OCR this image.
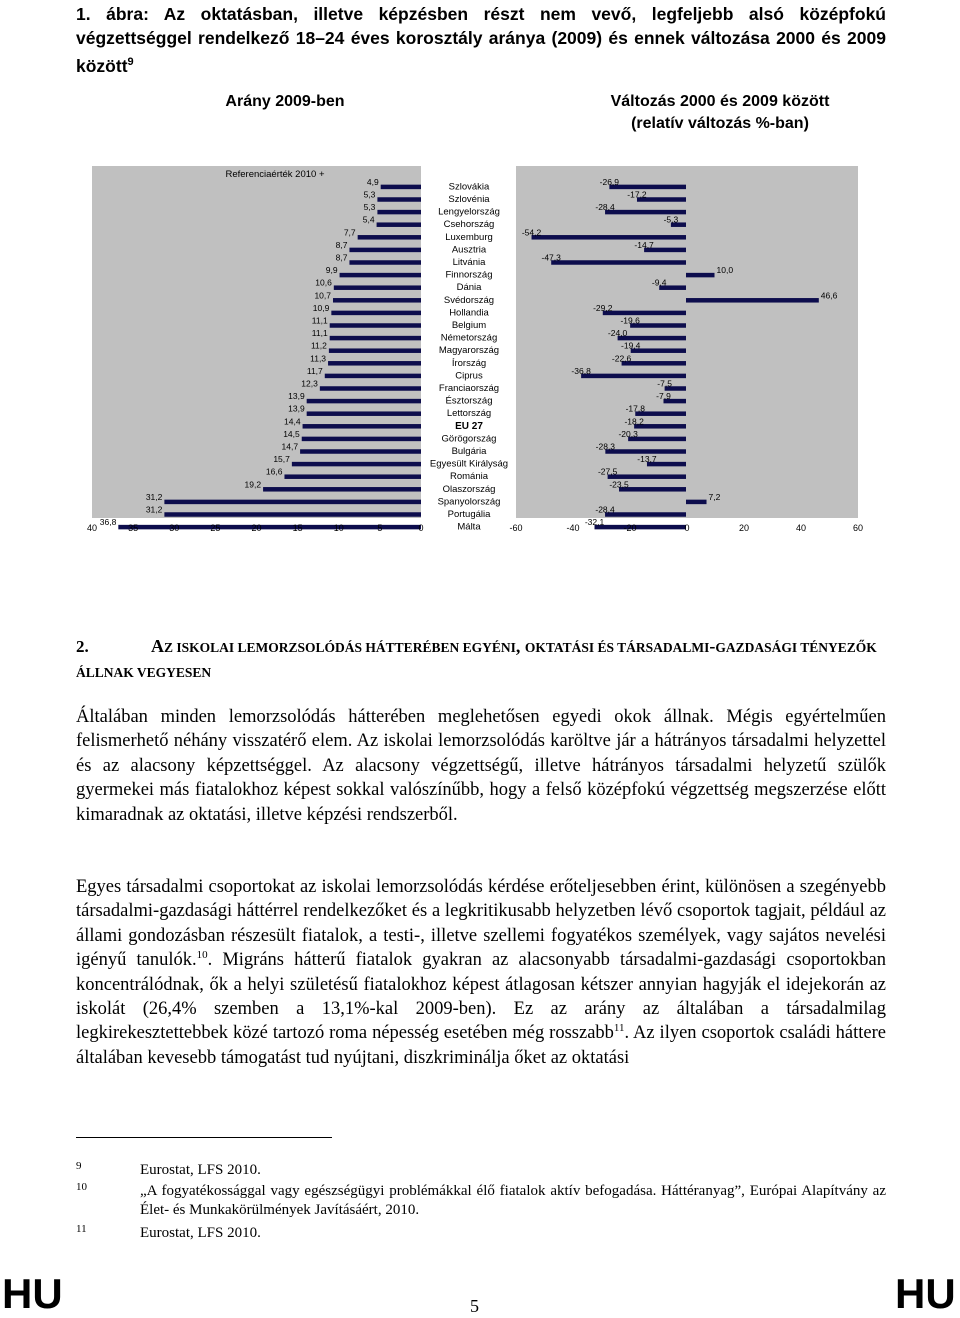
1. ábra: Az oktatásban, illetve képzésben részt nem vevő, legfeljebb alsó középfokú végzettséggel rendelkező 18–24 éves korosztály aránya (2009) és ennek változása 2000 és 2009 között$^9$
Arány 2009-ben	Változás 2000 és 2009 között
(relatív változás %-ban)
Referenciaérték 2010 +
4,9
5,3
5,3
5,4
7,7
8,7
8,7
9,9
10,6
10,7
10,9
11,1
11,1
11,2
11,3
11,7
12,3
13,9
13,9
14,4
14,5
14,7
15,7
16,6
19,2
31,2
31,2
36,8
-26,9
-17,2
-28,4
-5,3
-54,2
-14,7
-47,3
10,0
-9,4
46,6
-29,2
-19,6
-24,0
-19,4
-22,6
-36,8
-7,5
-7,9
-17,8
-18,2
-20,3
-28,3
-13,7
-27,5
-23,5
7,2
-28,4
-32,1
Szlovákia
Szlovénia
Lengyelország
Csehország
Luxemburg
Ausztria
Litvánia
Finnország
Dánia
Svédország
Hollandia
Belgium
Németország
Magyarország
Írország
Ciprus
Franciaország
Észtország
Lettország
EU 27
Görögország
Bulgária
Egyesült Királyság
Románia
Olaszország
Spanyolország
Portugália
Málta
40	35	30	25	20	15	10	5	0	-60	-40	-20	0	20	40	60
2.	AZ ISKOLAI LEMORZSOLÓDÁS HÁTTERÉBEN EGYÉNI, OKTATÁSI ÉS TÁRSADALMI-GAZDASÁGI TÉNYEZŐK ÁLLNAK VEGYESEN

Általában minden lemorzsolódás hátterében meglehetősen egyedi okok állnak. Mégis egyértelműen felismerhető néhány visszatérő elem. Az iskolai lemorzsolódás karöltve jár a hátrányos társadalmi helyzettel és az alacsony képzettséggel. Az alacsony végzettségű, illetve hátrányos társadalmi helyzetű szülők gyermekei más fiatalokhoz képest sokkal valószínűbb, hogy a felső középfokú végzettség megszerzése előtt kimaradnak az oktatási, illetve képzési rendszerből.

Egyes társadalmi csoportokat az iskolai lemorzsolódás kérdése erőteljesebben érint, különösen a szegényebb társadalmi-gazdasági háttérrel rendelkezőket és a legkritikusabb helyzetben lévő csoportok tagjait, például az állami gondozásban részesült fiatalok, a testi-, illetve szellemi fogyatékos személyek, vagy sajátos nevelési igényű tanulók.$^{10}$. Migráns hátterű fiatalok gyakran az alacsonyabb társadalmi-gazdasági csoportokban koncentrálódnak, ők a helyi születésű fiatalokhoz képest átlagosan kétszer annyian hagyják el idejekorán az iskolát (26,4% szemben a 13,1%-kal 2009-ben). Ez az arány az általában a társadalmilag legkirekesztettebbek közé tartozó roma népesség esetében még rosszabb$^{11}$. Az ilyen csoportok családi háttere általában kevesebb támogatást tud nyújtani, diszkriminálja őket az oktatási

9	Eurostat, LFS 2010.
10	„A fogyatékossággal vagy egészségügyi problémákkal élő fiatalok aktív befogadása. Háttéranyag”, Európai Alapítvány az Élet- és Munkakörülmények Javításáért, 2010.
11	Eurostat, LFS 2010.
HU	5	HU
